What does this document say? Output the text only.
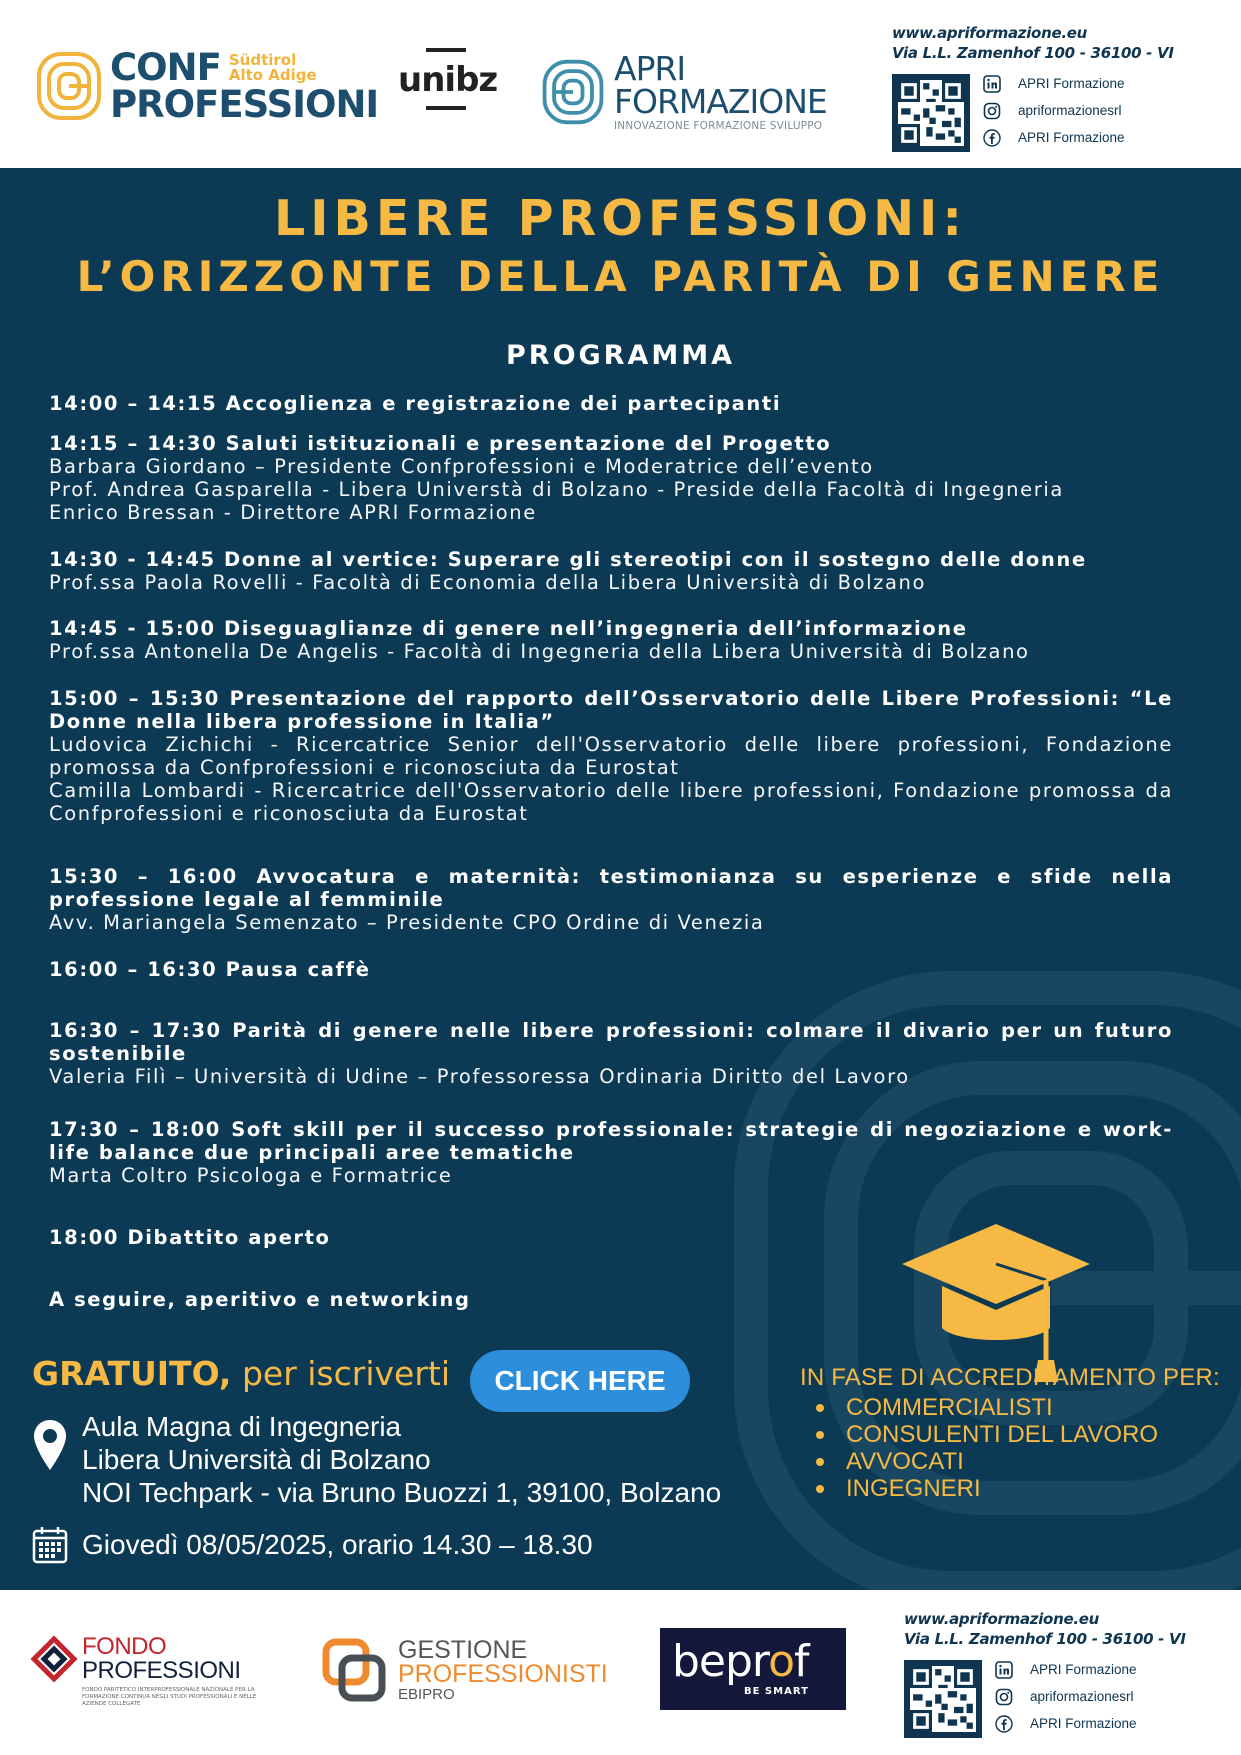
CONF Südtirol Alto Adige
PROFESSIONI
unibz	APRI
FORMAZIONE
INNOVAZIONE FORMAZIONE SVILUPPO
www.apriformazione.eu
Via L.L. Zamenhof 100 - 36100 - VI
APRI Formazione
apriformazionesrl
APRI Formazione
LIBERE PROFESSIONI:
L’ORIZZONTE DELLA PARITÀ DI GENERE
PROGRAMMA
14:00 – 14:15 Accoglienza e registrazione dei partecipanti
14:15 – 14:30 Saluti istituzionali e presentazione del Progetto
Barbara Giordano – Presidente Confprofessioni e Moderatrice dell’evento
Prof. Andrea Gasparella - Libera Universtà di Bolzano - Preside della Facoltà di Ingegneria
Enrico Bressan - Direttore APRI Formazione
14:30 - 14:45 Donne al vertice: Superare gli stereotipi con il sostegno delle donne
Prof.ssa Paola Rovelli - Facoltà di Economia della Libera Università di Bolzano
14:45 - 15:00 Diseguaglianze di genere nell’ingegneria dell’informazione
Prof.ssa Antonella De Angelis - Facoltà di Ingegneria della Libera Università di Bolzano
15:00 – 15:30 Presentazione del rapporto dell’Osservatorio delle Libere Professioni: “Le Donne nella libera professione in Italia”
Ludovica Zichichi - Ricercatrice Senior dell'Osservatorio delle libere professioni, Fondazione promossa da Confprofessioni e riconosciuta da Eurostat
Camilla Lombardi - Ricercatrice dell'Osservatorio delle libere professioni, Fondazione promossa da Confprofessioni e riconosciuta da Eurostat
15:30 – 16:00 Avvocatura e maternità: testimonianza su esperienze e sfide nella professione legale al femminile
Avv. Mariangela Semenzato – Presidente CPO Ordine di Venezia
16:00 – 16:30 Pausa caffè
16:30 – 17:30 Parità di genere nelle libere professioni: colmare il divario per un futuro sostenibile
Valeria Filì – Università di Udine – Professoressa Ordinaria Diritto del Lavoro
17:30 – 18:00 Soft skill per il successo professionale: strategie di negoziazione e work-life balance due principali aree tematiche
Marta Coltro Psicologa e Formatrice
18:00 Dibattito aperto
A seguire, aperitivo e networking
GRATUITO, per iscriverti	CLICK HERE
Aula Magna di Ingegneria
Libera Università di Bolzano
NOI Techpark - via Bruno Buozzi 1, 39100, Bolzano
Giovedì 08/05/2025, orario 14.30 – 18.30
IN FASE DI ACCREDITAMENTO PER:
COMMERCIALISTI
CONSULENTI DEL LAVORO
AVVOCATI
INGEGNERI
FONDO
PROFESSIONI
FONDO PARITETICO INTERPROFESSIONALE NAZIONALE PER LA FORMAZIONE CONTINUA NEGLI STUDI PROFESSIONALI E NELLE AZIENDE COLLEGATE
GESTIONE
PROFESSIONISTI
EBIPRO
beprof
BE SMART
www.apriformazione.eu
Via L.L. Zamenhof 100 - 36100 - VI
APRI Formazione
apriformazionesrl
APRI Formazione
